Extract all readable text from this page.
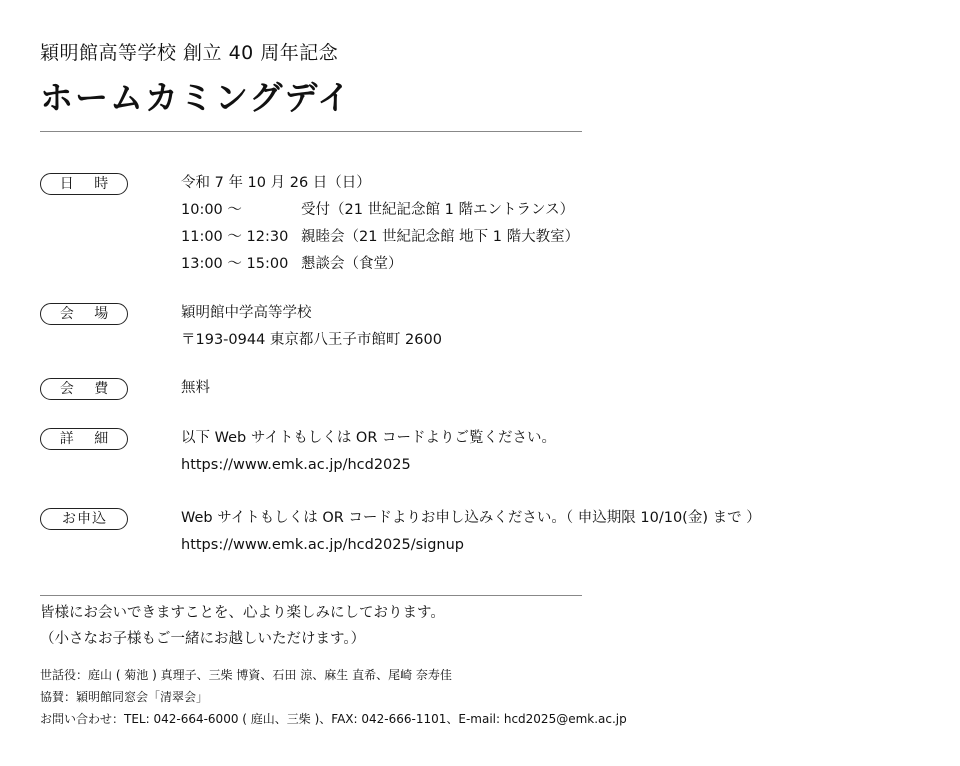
穎明館高等学校 創立 40 周年記念
ホームカミングデイ
日 時	令和 7 年 10 月 26 日（日）
10:00 ～	受付（21 世紀記念館 1 階エントランス）
11:00 ～ 12:30 親睦会（21 世紀記念館 地下 1 階大教室）
13:00 ～ 15:00 懇談会（食堂）
会 場	穎明館中学高等学校
〒193-0944 東京都八王子市館町 2600
会 費	無料
詳 細	以下 Web サイトもしくは OR コードよりご覧ください。
https://www.emk.ac.jp/hcd2025
お申込	Web サイトもしくは OR コードよりお申し込みください。（ 申込期限 10/10(金) まで ）
https://www.emk.ac.jp/hcd2025/signup
皆様にお会いできますことを、心より楽しみにしております。
（小さなお子様もご一緒にお越しいただけます。）
世話役：庭山 ( 菊池 ) 真理子、三柴 博資、石田 涼、麻生 直希、尾崎 奈寿佳
協賛：穎明館同窓会「清翠会」
お問い合わせ：TEL: 042-664-6000 ( 庭山、三柴 )、FAX: 042-666-1101、E-mail: hcd2025@emk.ac.jp
